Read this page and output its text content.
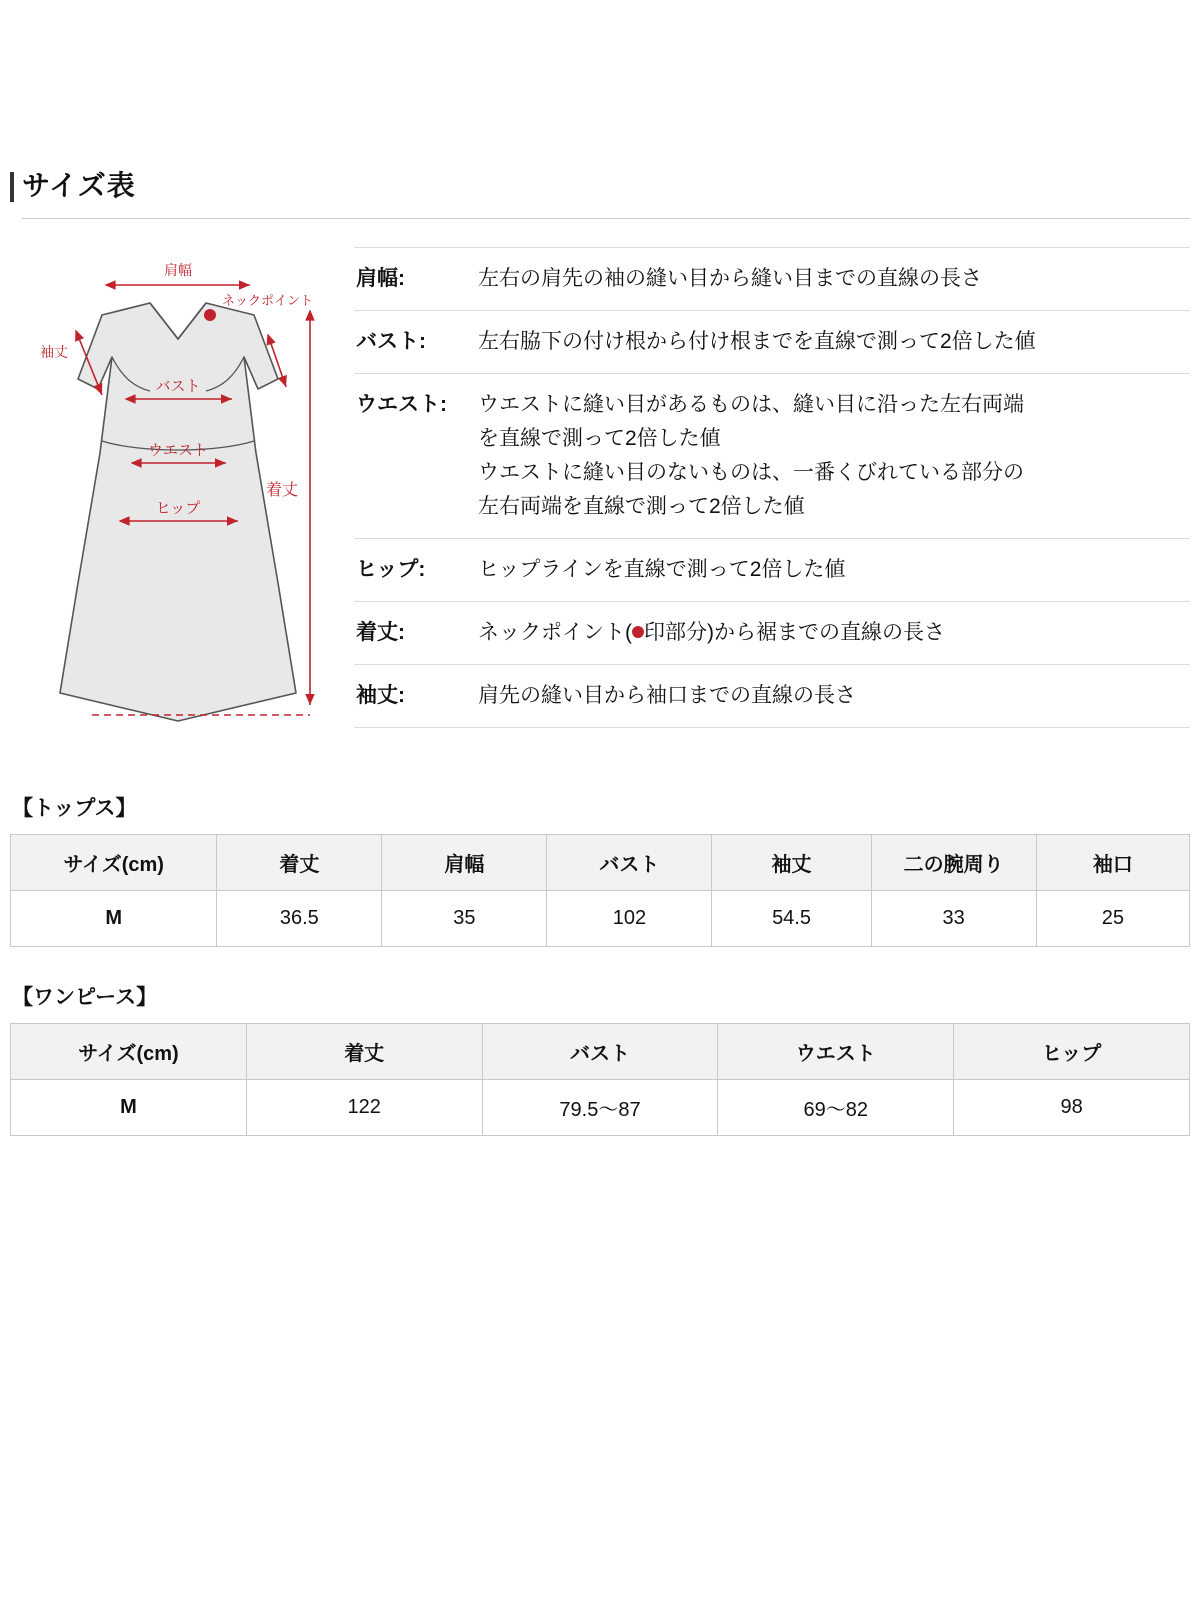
サイズ表
肩幅
ネックポイント
袖丈
バスト
ウエスト
ヒップ
着丈
肩幅:	左右の肩先の袖の縫い目から縫い目までの直線の長さ
バスト:	左右脇下の付け根から付け根までを直線で測って2倍した値
ウエスト:	ウエストに縫い目があるものは、縫い目に沿った左右両端
を直線で測って2倍した値
ウエストに縫い目のないものは、一番くびれている部分の
左右両端を直線で測って2倍した値
ヒップ:	ヒップラインを直線で測って2倍した値
着丈:	ネックポイント( 印部分)から裾までの直線の長さ
袖丈:	肩先の縫い目から袖口までの直線の長さ
【トップス】
サイズ(cm)	着丈	肩幅	バスト	袖丈	二の腕周り	袖口
M	36.5	35	102	54.5	33	25
【ワンピース】
サイズ(cm)	着丈	バスト	ウエスト	ヒップ
M	122	79.5〜87	69〜82	98
